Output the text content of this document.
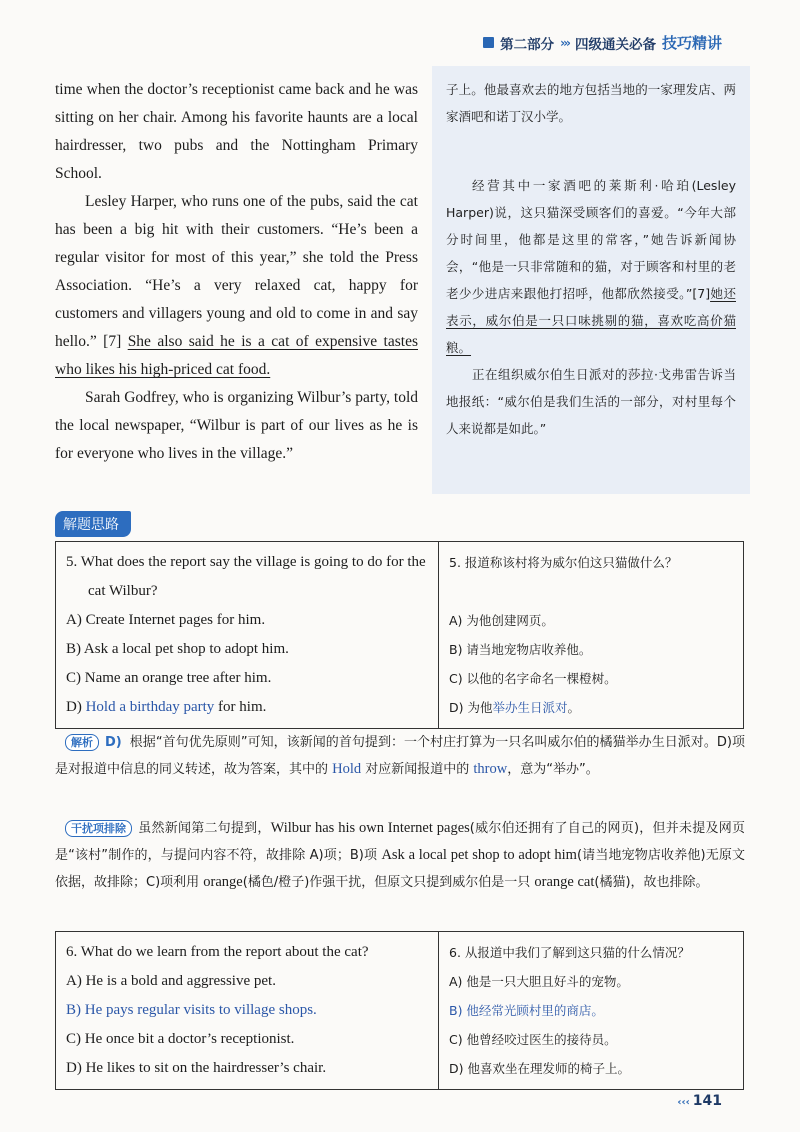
第二部分 ››› 四级通关必备 技巧精讲

time when the doctor’s receptionist came back and he was sitting on her chair. Among his favorite haunts are a local hairdresser, two pubs and the Nottingham Primary School.

Lesley Harper, who runs one of the pubs, said the cat has been a big hit with their customers. “He’s been a regular visitor for most of this year,” she told the Press Association. “He’s a very relaxed cat, happy for customers and villagers young and old to come in and say hello.” [7] She also said he is a cat of expensive tastes who likes his high-priced cat food.

Sarah Godfrey, who is organizing Wilbur’s party, told the local newspaper, “Wilbur is part of our lives as he is for everyone who lives in the village.”

子上。他最喜欢去的地方包括当地的一家理发店、两家酒吧和诺丁汉小学。

经营其中一家酒吧的莱斯利·哈珀(Lesley Harper)说，这只猫深受顾客们的喜爱。“今年大部分时间里，他都是这里的常客，”她告诉新闻协会，“他是一只非常随和的猫，对于顾客和村里的老老少少进店来跟他打招呼，他都欣然接受。”[7]她还表示，威尔伯是一只口味挑剔的猫，喜欢吃高价猫粮。

正在组织威尔伯生日派对的莎拉·戈弗雷告诉当地报纸：“威尔伯是我们生活的一部分，对村里每个人来说都是如此。”

解题思路
5. What does the report say the village is going to do for the cat Wilbur?
A) Create Internet pages for him.
B) Ask a local pet shop to adopt him.
C) Name an orange tree after him.
D) Hold a birthday party for him.

5. 报道称该村将为威尔伯这只猫做什么？
A) 为他创建网页。
B) 请当地宠物店收养他。
C) 以他的名字命名一棵橙树。
D) 为他举办生日派对。

解析 D) 根据“首句优先原则”可知，该新闻的首句提到：一个村庄打算为一只名叫威尔伯的橘猫举办生日派对。D)项是对报道中信息的同义转述，故为答案，其中的 Hold 对应新闻报道中的 throw，意为“举办”。

干扰项排除 虽然新闻第二句提到，Wilbur has his own Internet pages(威尔伯还拥有了自己的网页)，但并未提及网页是“该村”制作的，与提问内容不符，故排除 A)项；B)项 Ask a local pet shop to adopt him(请当地宠物店收养他)无原文依据，故排除；C)项利用 orange(橘色/橙子)作强干扰，但原文只提到威尔伯是一只 orange cat(橘猫)，故也排除。

6. What do we learn from the report about the cat?
A) He is a bold and aggressive pet.
B) He pays regular visits to village shops.
C) He once bit a doctor’s receptionist.
D) He likes to sit on the hairdresser’s chair.

6. 从报道中我们了解到这只猫的什么情况？
A) 他是一只大胆且好斗的宠物。
B) 他经常光顾村里的商店。
C) 他曾经咬过医生的接待员。
D) 他喜欢坐在理发师的椅子上。
‹‹‹ 141
